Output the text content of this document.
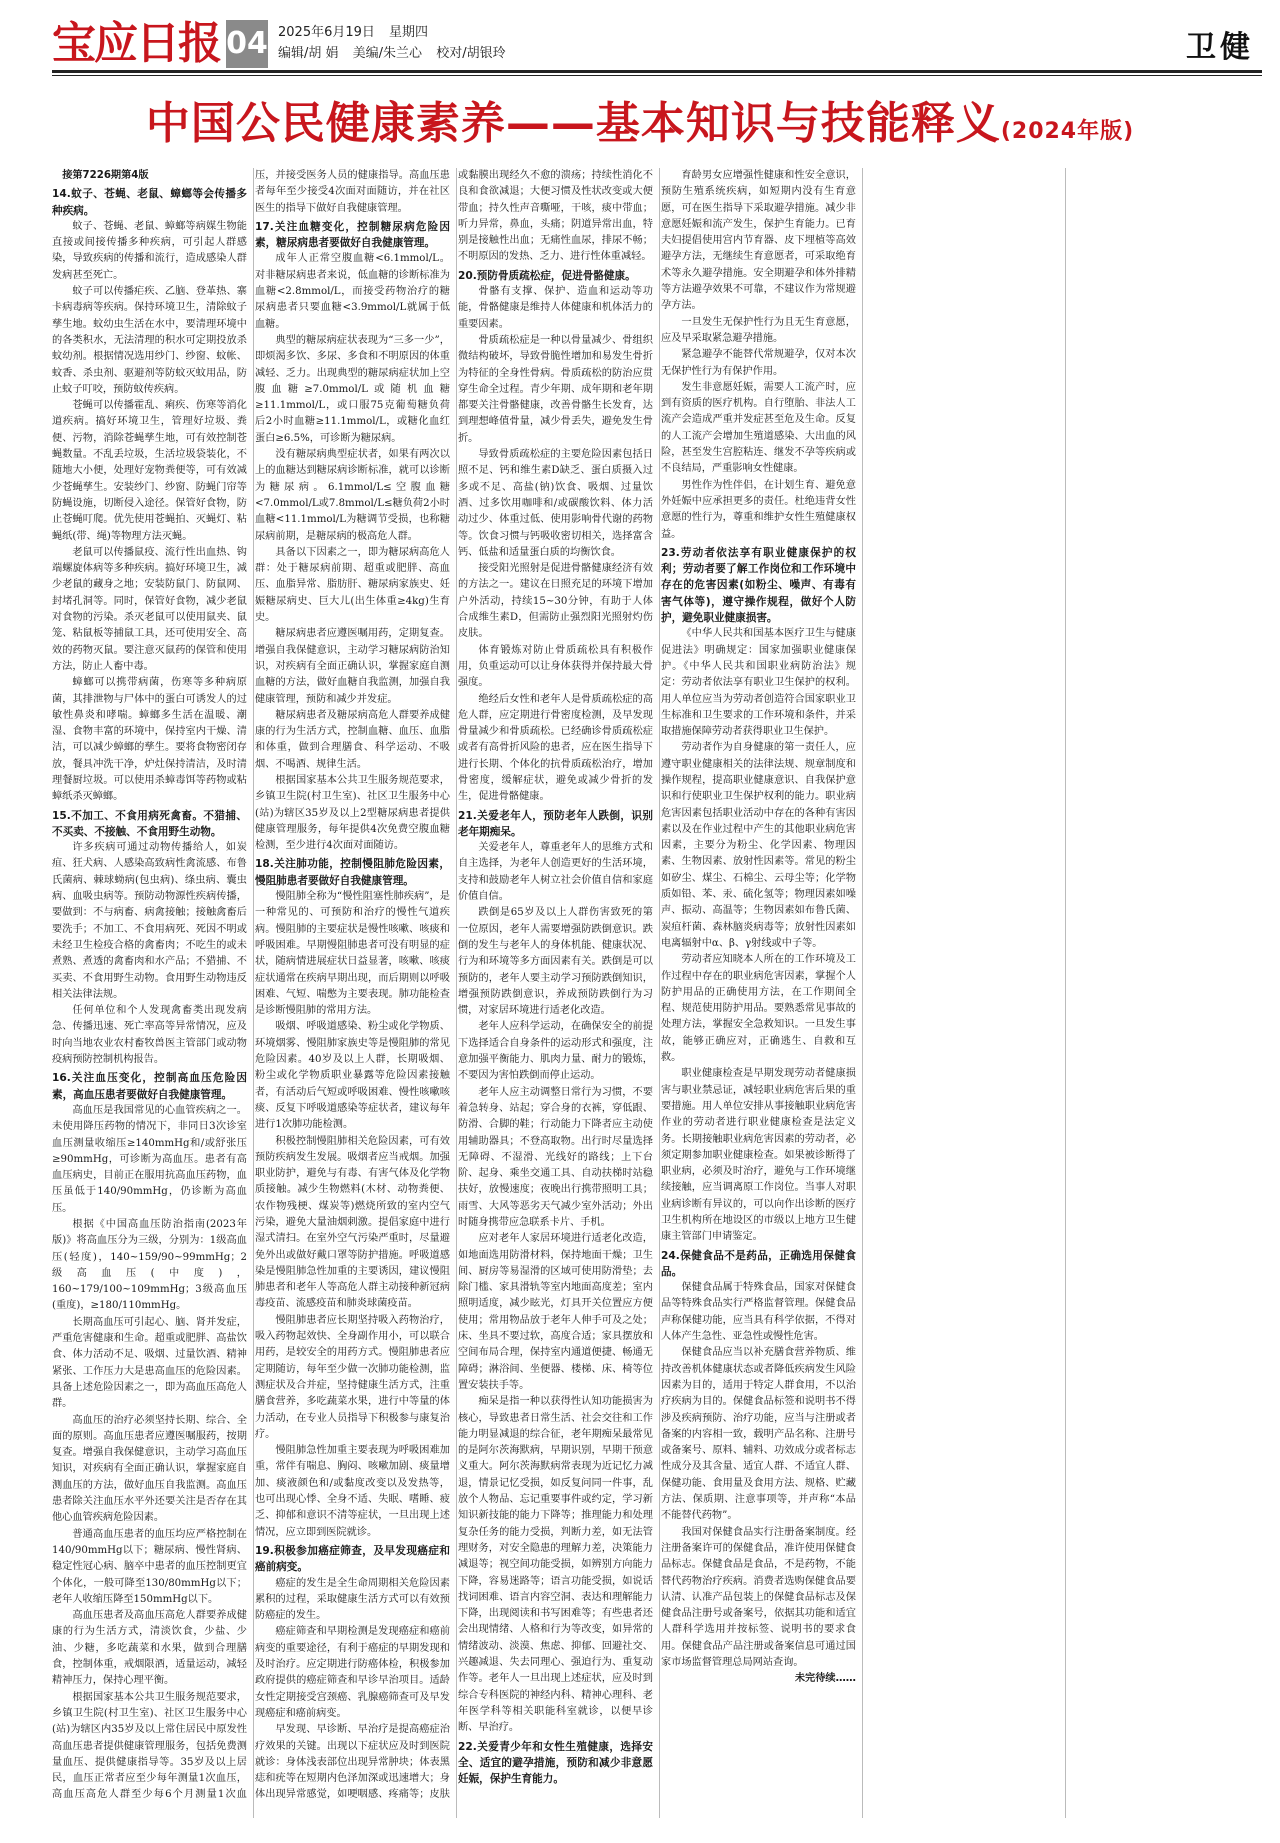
宝应日报 04 2025年6月19日 星期四
编辑/胡 娟 美编/朱兰心 校对/胡银玲	卫健
中国公民健康素养——基本知识与技能释义(2024年版)

接第7226期第4版

14.蚊子、苍蝇、老鼠、蟑螂等会传播多种疾病。

蚊子、苍蝇、老鼠、蟑螂等病媒生物能直接或间接传播多种疾病，可引起人群感染，导致疾病的传播和流行，造成感染人群发病甚至死亡。

蚊子可以传播疟疾、乙脑、登革热、寨卡病毒病等疾病。保持环境卫生，清除蚊子孳生地。蚊幼虫生活在水中，要清理环境中的各类积水，无法清理的积水可定期投放杀蚊幼剂。根据情况选用纱门、纱窗、蚊帐、蚊香、杀虫剂、驱避剂等防蚊灭蚊用品，防止蚊子叮咬，预防蚊传疾病。

苍蝇可以传播霍乱、痢疾、伤寒等消化道疾病。搞好环境卫生，管理好垃圾、粪便、污物，消除苍蝇孳生地，可有效控制苍蝇数量。不乱丢垃圾，生活垃圾袋装化，不随地大小便，处理好宠物粪便等，可有效减少苍蝇孳生。安装纱门、纱窗、防蝇门帘等防蝇设施，切断侵入途径。保管好食物，防止苍蝇叮爬。优先使用苍蝇拍、灭蝇灯、粘蝇纸(带、绳)等物理方法灭蝇。

老鼠可以传播鼠疫、流行性出血热、钩端螺旋体病等多种疾病。搞好环境卫生，减少老鼠的藏身之地；安装防鼠门、防鼠网、封堵孔洞等。同时，保管好食物，减少老鼠对食物的污染。杀灭老鼠可以使用鼠夹、鼠笼、粘鼠板等捕鼠工具，还可使用安全、高效的药物灭鼠。要注意灭鼠药的保管和使用方法，防止人畜中毒。

蟑螂可以携带病菌，伤寒等多种病原菌，其排泄物与尸体中的蛋白可诱发人的过敏性鼻炎和哮喘。蟑螂多生活在温暖、潮湿、食物丰富的环境中，保持室内干燥、清洁，可以减少蟑螂的孳生。要将食物密闭存放，餐具冲洗干净，炉灶保持清洁，及时清理餐厨垃圾。可以使用杀蟑毒饵等药物或粘蟑纸杀灭蟑螂。

15.不加工、不食用病死禽畜。不猎捕、不买卖、不接触、不食用野生动物。

许多疾病可通过动物传播给人，如炭疽、狂犬病、人感染高致病性禽流感、布鲁氏菌病、棘球蚴病(包虫病)、绦虫病、囊虫病、血吸虫病等。预防动物源性疾病传播，要做到：不与病畜、病禽接触；接触禽畜后要洗手；不加工、不食用病死、死因不明或未经卫生检疫合格的禽畜肉；不吃生的或未煮熟、煮透的禽畜肉和水产品；不猎捕、不买卖、不食用野生动物。食用野生动物违反相关法律法规。

任何单位和个人发现禽畜类出现发病急、传播迅速、死亡率高等异常情况，应及时向当地农业农村畜牧兽医主管部门或动物疫病预防控制机构报告。

16.关注血压变化，控制高血压危险因素，高血压患者要做好自我健康管理。

高血压是我国常见的心血管疾病之一。未使用降压药物的情况下，非同日3次诊室血压测量收缩压≥140mmHg和/或舒张压≥90mmHg，可诊断为高血压。患者有高血压病史，目前正在服用抗高血压药物，血压虽低于140/90mmHg，仍诊断为高血压。

根据《中国高血压防治指南(2023年版)》将高血压分为三级，分别为：1级高血压(轻度)，140~159/90~99mmHg；2级高血压(中度)，160~179/100~109mmHg；3级高血压(重度)，≥180/110mmHg。

长期高血压可引起心、脑、肾并发症，严重危害健康和生命。超重或肥胖、高盐饮食、体力活动不足、吸烟、过量饮酒、精神紧张、工作压力大是患高血压的危险因素。具备上述危险因素之一，即为高血压高危人群。

高血压的治疗必须坚持长期、综合、全面的原则。高血压患者应遵医嘱服药，按期复查。增强自我保健意识，主动学习高血压知识，对疾病有全面正确认识，掌握家庭自测血压的方法，做好血压自我监测。高血压患者除关注血压水平外还要关注是否存在其他心血管疾病危险因素。

普通高血压患者的血压均应严格控制在140/90mmHg以下；糖尿病、慢性肾病、稳定性冠心病、脑卒中患者的血压控制更宜个体化，一般可降至130/80mmHg以下；老年人收缩压降至150mmHg以下。

高血压患者及高血压高危人群要养成健康的行为生活方式，清淡饮食，少盐、少油、少糖，多吃蔬菜和水果，做到合理膳食，控制体重，戒烟限酒，适量运动，减轻精神压力，保持心理平衡。

根据国家基本公共卫生服务规范要求，乡镇卫生院(村卫生室)、社区卫生服务中心(站)为辖区内35岁及以上常住居民中原发性高血压患者提供健康管理服务，包括免费测量血压、提供健康指导等。35岁及以上居民，血压正常者应至少每年测量1次血压，高血压高危人群至少每6个月测量1次血压，并接受医务人员的健康指导。高血压患者每年至少接受4次面对面随访，并在社区医生的指导下做好自我健康管理。

17.关注血糖变化，控制糖尿病危险因素，糖尿病患者要做好自我健康管理。

成年人正常空腹血糖<6.1mmol/L。对非糖尿病患者来说，低血糖的诊断标准为血糖<2.8mmol/L，而接受药物治疗的糖尿病患者只要血糖<3.9mmol/L就属于低血糖。

典型的糖尿病症状表现为“三多一少”，即烦渴多饮、多尿、多食和不明原因的体重减轻、乏力。出现典型的糖尿病症状加上空腹血糖≥7.0mmol/L或随机血糖≥11.1mmol/L，或口服75克葡萄糖负荷后2小时血糖≥11.1mmol/L，或糖化血红蛋白≥6.5%，可诊断为糖尿病。

没有糖尿病典型症状者，如果有两次以上的血糖达到糖尿病诊断标准，就可以诊断为糖尿病。6.1mmol/L≤空腹血糖<7.0mmol/L或7.8mmol/L≤糖负荷2小时血糖<11.1mmol/L为糖调节受损，也称糖尿病前期，是糖尿病的极高危人群。

具备以下因素之一，即为糖尿病高危人群：处于糖尿病前期、超重或肥胖、高血压、血脂异常、脂肪肝、糖尿病家族史、妊娠糖尿病史、巨大儿(出生体重≥4kg)生育史。

糖尿病患者应遵医嘱用药，定期复查。增强自我保健意识，主动学习糖尿病防治知识，对疾病有全面正确认识，掌握家庭自测血糖的方法，做好血糖自我监测，加强自我健康管理，预防和减少并发症。

糖尿病患者及糖尿病高危人群要养成健康的行为生活方式，控制血糖、血压、血脂和体重，做到合理膳食、科学运动、不吸烟、不喝酒、规律生活。

根据国家基本公共卫生服务规范要求，乡镇卫生院(村卫生室)、社区卫生服务中心(站)为辖区35岁及以上2型糖尿病患者提供健康管理服务，每年提供4次免费空腹血糖检测，至少进行4次面对面随访。

18.关注肺功能，控制慢阻肺危险因素，慢阻肺患者要做好自我健康管理。

慢阻肺全称为“慢性阻塞性肺疾病”，是一种常见的、可预防和治疗的慢性气道疾病。慢阻肺的主要症状是慢性咳嗽、咳痰和呼吸困难。早期慢阻肺患者可没有明显的症状，随病情进展症状日益显著，咳嗽、咳痰症状通常在疾病早期出现，而后期则以呼吸困难、气短、喘憋为主要表现。肺功能检查是诊断慢阻肺的常用方法。

吸烟、呼吸道感染、粉尘或化学物质、环境烟雾、慢阻肺家族史等是慢阻肺的常见危险因素。40岁及以上人群，长期吸烟、粉尘或化学物质职业暴露等危险因素接触者，有活动后气短或呼吸困难、慢性咳嗽咳痰、反复下呼吸道感染等症状者，建议每年进行1次肺功能检测。

积极控制慢阻肺相关危险因素，可有效预防疾病发生发展。吸烟者应当戒烟。加强职业防护，避免与有毒、有害气体及化学物质接触。减少生物燃料(木材、动物粪便、农作物残梗、煤炭等)燃烧所致的室内空气污染，避免大量油烟刺激。提倡家庭中进行湿式清扫。在室外空气污染严重时，尽量避免外出或做好戴口罩等防护措施。呼吸道感染是慢阻肺急性加重的主要诱因，建议慢阻肺患者和老年人等高危人群主动接种新冠病毒疫苗、流感疫苗和肺炎球菌疫苗。

慢阻肺患者应长期坚持吸入药物治疗，吸入药物起效快、全身副作用小，可以联合用药，是较安全的用药方式。慢阻肺患者应定期随访，每年至少做一次肺功能检测，监测症状及合并症，坚持健康生活方式，注重膳食营养，多吃蔬菜水果，进行中等量的体力活动，在专业人员指导下积极参与康复治疗。

慢阻肺急性加重主要表现为呼吸困难加重，常伴有喘息、胸闷、咳嗽加剧、痰量增加、痰液颜色和/或黏度改变以及发热等，也可出现心悸、全身不适、失眠、嗜睡、疲乏、抑郁和意识不清等症状，一旦出现上述情况，应立即到医院就诊。

19.积极参加癌症筛查，及早发现癌症和癌前病变。

癌症的发生是全生命周期相关危险因素累积的过程，采取健康生活方式可以有效预防癌症的发生。

癌症筛查和早期检测是发现癌症和癌前病变的重要途径，有利于癌症的早期发现和及时治疗。应定期进行防癌体检，积极参加政府提供的癌症筛查和早诊早治项目。适龄女性定期接受宫颈癌、乳腺癌筛查可及早发现癌症和癌前病变。

早发现、早诊断、早治疗是提高癌症治疗效果的关键。出现以下症状应及时到医院就诊：身体浅表部位出现异常肿块；体表黑痣和疣等在短期内色泽加深或迅速增大；身体出现异常感觉，如哽咽感、疼痛等；皮肤或黏膜出现经久不愈的溃疡；持续性消化不良和食欲减退；大便习惯及性状改变或大便带血；持久性声音嘶哑，干咳，痰中带血；听力异常，鼻血，头痛；阴道异常出血，特别是接触性出血；无痛性血尿，排尿不畅；不明原因的发热、乏力、进行性体重减轻。

20.预防骨质疏松症，促进骨骼健康。

骨骼有支撑、保护、造血和运动等功能，骨骼健康是维持人体健康和机体活力的重要因素。

骨质疏松症是一种以骨量减少、骨组织微结构破坏，导致骨脆性增加和易发生骨折为特征的全身性骨病。骨质疏松的防治应贯穿生命全过程。青少年期、成年期和老年期都要关注骨骼健康，改善骨骼生长发育，达到理想峰值骨量，减少骨丢失，避免发生骨折。

导致骨质疏松症的主要危险因素包括日照不足、钙和维生素D缺乏、蛋白质摄入过多或不足、高盐(钠)饮食、吸烟、过量饮酒、过多饮用咖啡和/或碳酸饮料、体力活动过少、体重过低、使用影响骨代谢的药物等。饮食习惯与钙吸收密切相关，选择富含钙、低盐和适量蛋白质的均衡饮食。

接受阳光照射是促进骨骼健康经济有效的方法之一。建议在日照充足的环境下增加户外活动，持续15~30分钟，有助于人体合成维生素D，但需防止强烈阳光照射灼伤皮肤。

体育锻炼对防止骨质疏松具有积极作用，负重运动可以让身体获得并保持最大骨强度。

绝经后女性和老年人是骨质疏松症的高危人群，应定期进行骨密度检测，及早发现骨量减少和骨质疏松。已经确诊骨质疏松症或者有高骨折风险的患者，应在医生指导下进行长期、个体化的抗骨质疏松治疗，增加骨密度，缓解症状，避免或减少骨折的发生，促进骨骼健康。

21.关爱老年人，预防老年人跌倒，识别老年期痴呆。

关爱老年人，尊重老年人的思维方式和自主选择，为老年人创造更好的生活环境，支持和鼓励老年人树立社会价值自信和家庭价值自信。

跌倒是65岁及以上人群伤害致死的第一位原因，老年人需要增强防跌倒意识。跌倒的发生与老年人的身体机能、健康状况、行为和环境等多方面因素有关。跌倒是可以预防的，老年人要主动学习预防跌倒知识，增强预防跌倒意识，养成预防跌倒行为习惯，对家居环境进行适老化改造。

老年人应科学运动，在确保安全的前提下选择适合自身条件的运动形式和强度，注意加强平衡能力、肌肉力量、耐力的锻炼，不要因为害怕跌倒而停止运动。

老年人应主动调整日常行为习惯，不要着急转身、站起；穿合身的衣裤，穿低跟、防滑、合脚的鞋；行动能力下降者应主动使用辅助器具；不登高取物。出行时尽量选择无障碍、不湿滑、光线好的路线；上下台阶、起身、乘坐交通工具、自动扶梯时站稳扶好，放慢速度；夜晚出行携带照明工具；雨雪、大风等恶劣天气减少室外活动；外出时随身携带应急联系卡片、手机。

应对老年人家居环境进行适老化改造，如地面选用防滑材料，保持地面干燥；卫生间、厨房等易湿滑的区域可使用防滑垫；去除门槛、家具滑轨等室内地面高度差；室内照明适度，减少眩光，灯具开关位置应方便使用；常用物品放于老年人伸手可及之处；床、坐具不要过软，高度合适；家具摆放和空间布局合理，保持室内通道便捷、畅通无障碍；淋浴间、坐便器、楼梯、床、椅等位置安装扶手等。

痴呆是指一种以获得性认知功能损害为核心，导致患者日常生活、社会交往和工作能力明显减退的综合征，老年期痴呆最常见的是阿尔茨海默病，早期识别，早期干预意义重大。阿尔茨海默病常表现为近记忆力减退，情景记忆受损，如反复问同一件事，乱放个人物品、忘记重要事件或约定，学习新知识新技能的能力下降等；推理能力和处理复杂任务的能力受损，判断力差，如无法管理财务，对安全隐患的理解力差，决策能力减退等；视空间功能受损，如辨别方向能力下降，容易迷路等；语言功能受损，如说话找词困难、语言内容空洞、表达和理解能力下降，出现阅读和书写困难等；有些患者还会出现情绪、人格和行为等改变，如异常的情绪波动、淡漠、焦虑、抑郁、回避社交、兴趣减退、失去同理心、强迫行为、重复动作等。老年人一旦出现上述症状，应及时到综合专科医院的神经内科、精神心理科、老年医学科等相关职能科室就诊，以便早诊断、早治疗。

22.关爱青少年和女性生殖健康，选择安全、适宜的避孕措施，预防和减少非意愿妊娠，保护生育能力。

育龄男女应增强性健康和性安全意识，预防生殖系统疾病，如短期内没有生育意愿，可在医生指导下采取避孕措施。减少非意愿妊娠和流产发生，保护生育能力。已育夫妇提倡使用宫内节育器、皮下埋植等高效避孕方法，无继续生育意愿者，可采取绝育术等永久避孕措施。安全期避孕和体外排精等方法避孕效果不可靠，不建议作为常规避孕方法。

一旦发生无保护性行为且无生育意愿，应及早采取紧急避孕措施。

紧急避孕不能替代常规避孕，仅对本次无保护性行为有保护作用。

发生非意愿妊娠，需要人工流产时，应到有资质的医疗机构。自行堕胎、非法人工流产会造成严重并发症甚至危及生命。反复的人工流产会增加生殖道感染、大出血的风险，甚至发生宫腔粘连、继发不孕等疾病或不良结局，严重影响女性健康。

男性作为性伴侣，在计划生育、避免意外妊娠中应承担更多的责任。杜绝违背女性意愿的性行为，尊重和维护女性生殖健康权益。

23.劳动者依法享有职业健康保护的权利；劳动者要了解工作岗位和工作环境中存在的危害因素(如粉尘、噪声、有毒有害气体等)，遵守操作规程，做好个人防护，避免职业健康损害。

《中华人民共和国基本医疗卫生与健康促进法》明确规定：国家加强职业健康保护。《中华人民共和国职业病防治法》规定：劳动者依法享有职业卫生保护的权利。用人单位应当为劳动者创造符合国家职业卫生标准和卫生要求的工作环境和条件，并采取措施保障劳动者获得职业卫生保护。

劳动者作为自身健康的第一责任人，应遵守职业健康相关的法律法规、规章制度和操作规程，提高职业健康意识、自我保护意识和行使职业卫生保护权利的能力。职业病危害因素包括职业活动中存在的各种有害因素以及在作业过程中产生的其他职业病危害因素，主要分为粉尘、化学因素、物理因素、生物因素、放射性因素等。常见的粉尘如矽尘、煤尘、石棉尘、云母尘等；化学物质如铅、苯、汞、硫化氢等；物理因素如噪声、振动、高温等；生物因素如布鲁氏菌、炭疽杆菌、森林脑炎病毒等；放射性因素如电离辐射中α、β、γ射线或中子等。

劳动者应知晓本人所在的工作环境及工作过程中存在的职业病危害因素，掌握个人防护用品的正确使用方法，在工作期间全程、规范使用防护用品。要熟悉常见事故的处理方法，掌握安全急救知识。一旦发生事故，能够正确应对，正确逃生、自救和互救。

职业健康检查是早期发现劳动者健康损害与职业禁忌证，减轻职业病危害后果的重要措施。用人单位安排从事接触职业病危害作业的劳动者进行职业健康检查是法定义务。长期接触职业病危害因素的劳动者，必须定期参加职业健康检查。如果被诊断得了职业病，必须及时治疗，避免与工作环境继续接触，应当调离原工作岗位。当事人对职业病诊断有异议的，可以向作出诊断的医疗卫生机构所在地设区的市级以上地方卫生健康主管部门申请鉴定。

24.保健食品不是药品，正确选用保健食品。

保健食品属于特殊食品，国家对保健食品等特殊食品实行严格监督管理。保健食品声称保健功能，应当具有科学依据，不得对人体产生急性、亚急性或慢性危害。

保健食品应当以补充膳食营养物质、维持改善机体健康状态或者降低疾病发生风险因素为目的，适用于特定人群食用，不以治疗疾病为目的。保健食品标签和说明书不得涉及疾病预防、治疗功能，应当与注册或者备案的内容相一致，载明产品名称、注册号或备案号、原料、辅料、功效成分或者标志性成分及其含量、适宜人群、不适宜人群、保健功能、食用量及食用方法、规格、贮藏方法、保质期、注意事项等，并声称“本品不能替代药物”。

我国对保健食品实行注册备案制度。经注册备案许可的保健食品，准许使用保健食品标志。保健食品是食品，不是药物，不能替代药物治疗疾病。消费者选购保健食品要认清、认准产品包装上的保健食品标志及保健食品注册号或备案号，依据其功能和适宜人群科学选用并按标签、说明书的要求食用。保健食品产品注册或备案信息可通过国家市场监督管理总局网站查询。

未完待续……
